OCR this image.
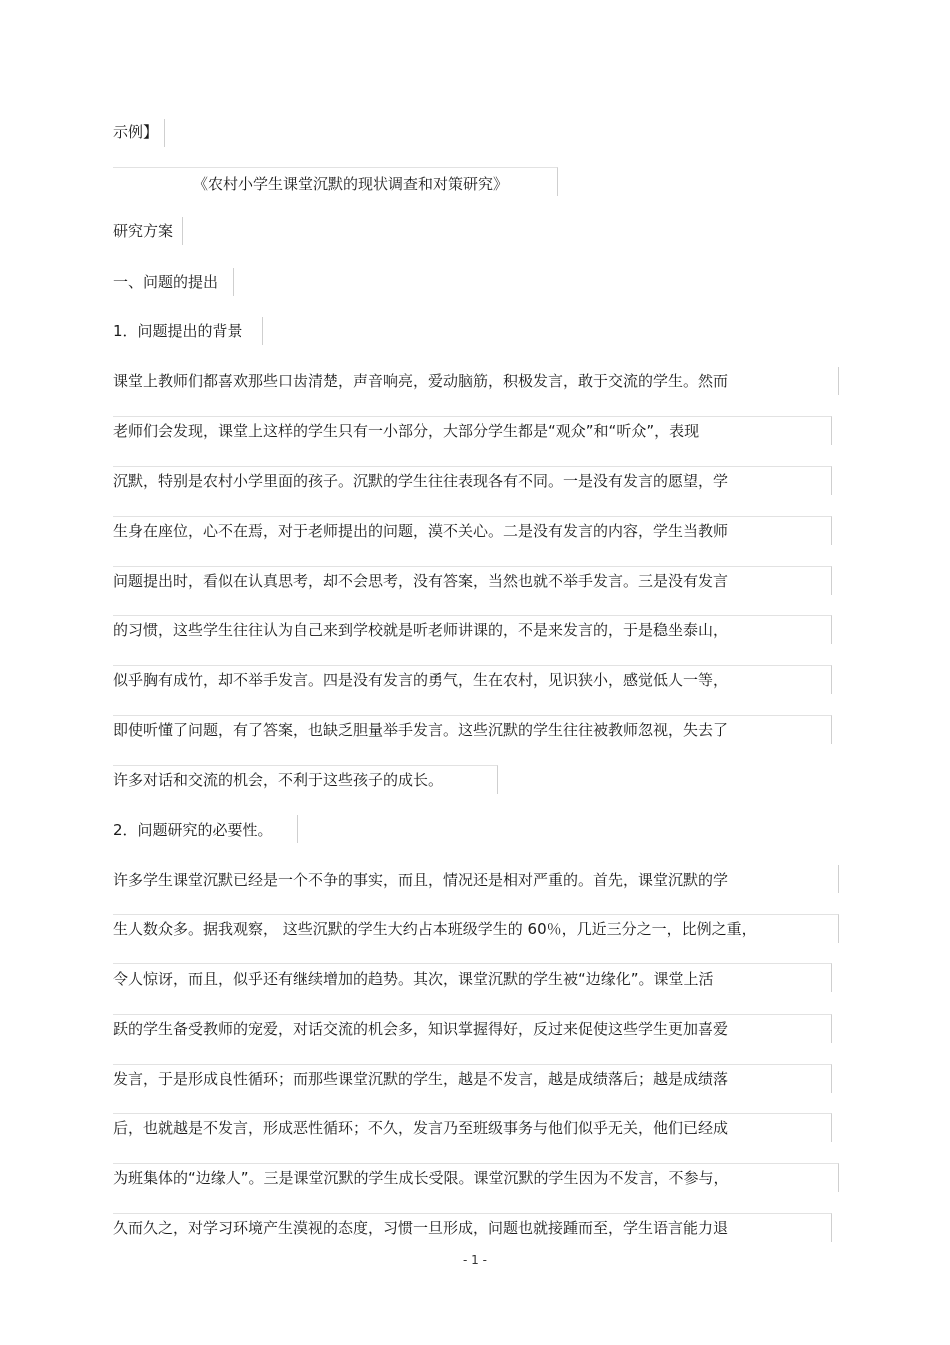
示例】
《农村小学生课堂沉默的现状调查和对策研究》
研究方案
一、问题的提出
1．问题提出的背景
课堂上教师们都喜欢那些口齿清楚，声音响亮，爱动脑筋，积极发言，敢于交流的学生。然而
老师们会发现，课堂上这样的学生只有一小部分，大部分学生都是“观众”和“听众”，表现
沉默，特别是农村小学里面的孩子。沉默的学生往往表现各有不同。一是没有发言的愿望，学
生身在座位，心不在焉，对于老师提出的问题，漠不关心。二是没有发言的内容，学生当教师
问题提出时，看似在认真思考，却不会思考，没有答案，当然也就不举手发言。三是没有发言
的习惯，这些学生往往认为自己来到学校就是听老师讲课的，不是来发言的，于是稳坐泰山，
似乎胸有成竹，却不举手发言。四是没有发言的勇气，生在农村，见识狭小，感觉低人一等，
即使听懂了问题，有了答案，也缺乏胆量举手发言。这些沉默的学生往往被教师忽视，失去了
许多对话和交流的机会，不利于这些孩子的成长。
2．问题研究的必要性。
许多学生课堂沉默已经是一个不争的事实，而且，情况还是相对严重的。首先，课堂沉默的学
生人数众多。据我观察， 这些沉默的学生大约占本班级学生的 60％，几近三分之一，比例之重，
令人惊讶，而且，似乎还有继续增加的趋势。其次，课堂沉默的学生被“边缘化”。课堂上活
跃的学生备受教师的宠爱，对话交流的机会多，知识掌握得好，反过来促使这些学生更加喜爱
发言，于是形成良性循环；而那些课堂沉默的学生，越是不发言，越是成绩落后；越是成绩落
后，也就越是不发言，形成恶性循环；不久，发言乃至班级事务与他们似乎无关，他们已经成
为班集体的“边缘人”。三是课堂沉默的学生成长受限。课堂沉默的学生因为不发言，不参与，
久而久之，对学习环境产生漠视的态度，习惯一旦形成，问题也就接踵而至，学生语言能力退
- 1 -
